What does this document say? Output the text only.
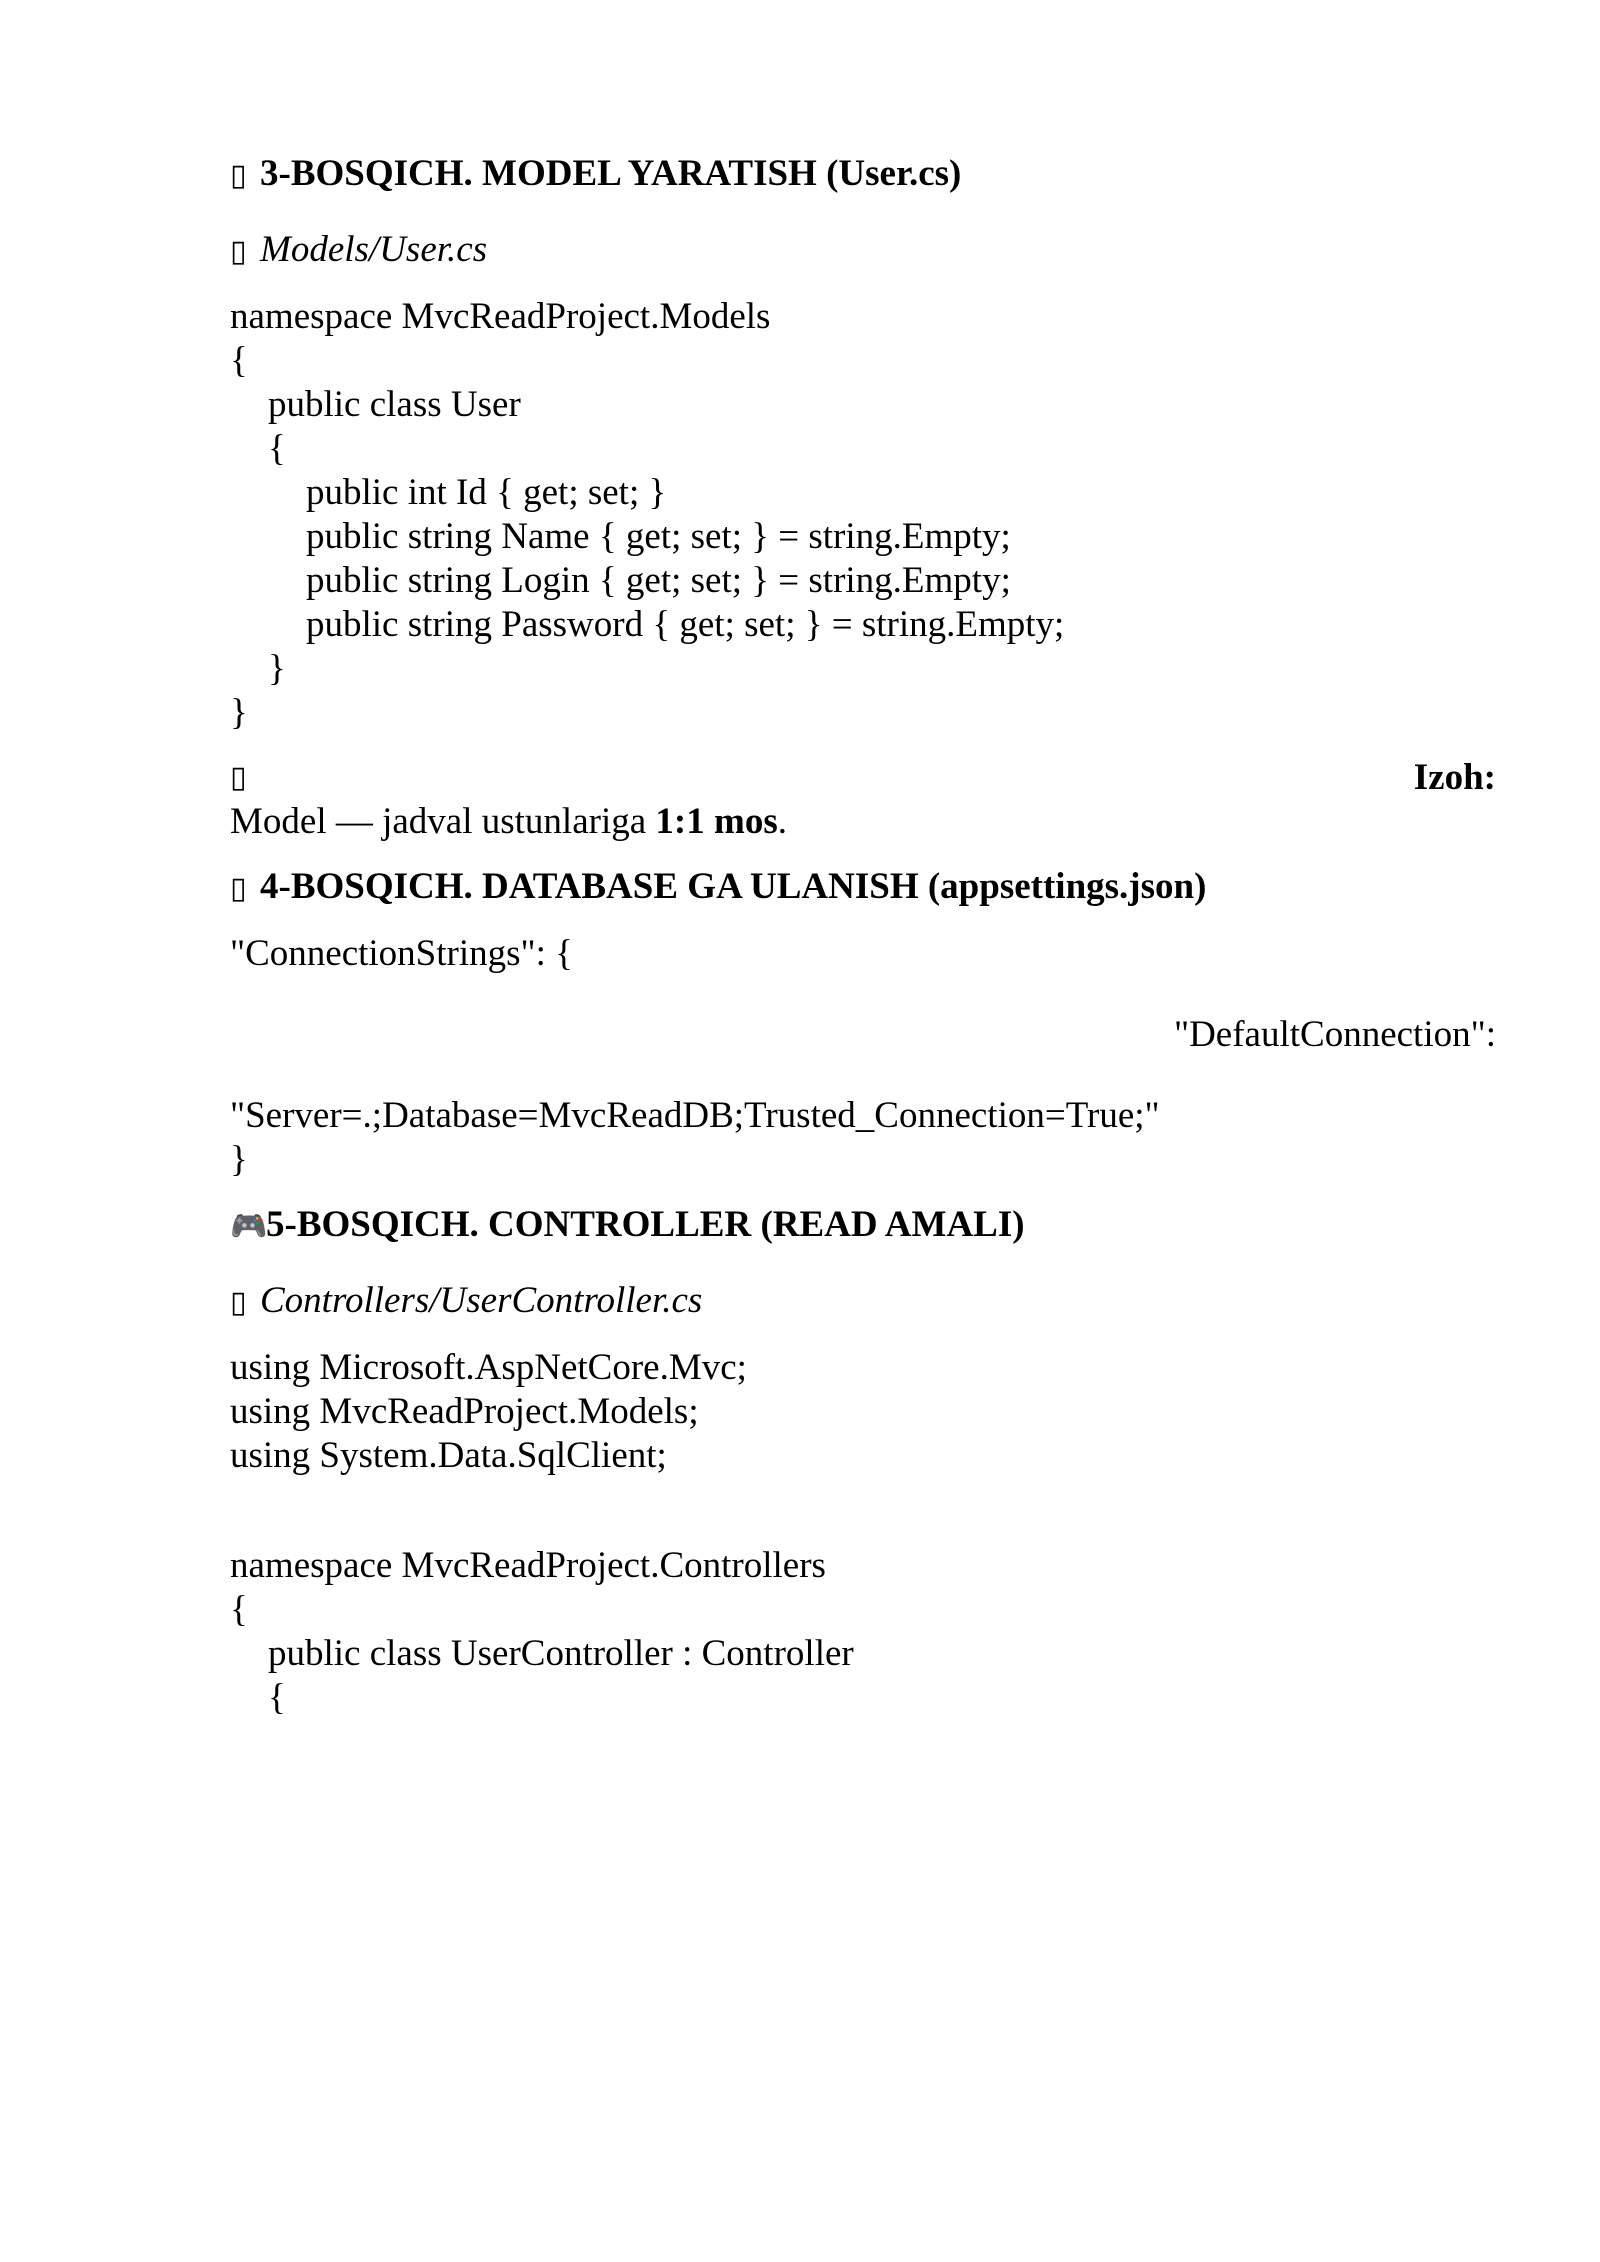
▯ 3-BOSQICH. MODEL YARATISH (User.cs)

▯ Models/User.cs

namespace MvcReadProject.Models

{

public class User

{

public int Id { get; set; }

public string Name { get; set; } = string.Empty;

public string Login { get; set; } = string.Empty;

public string Password { get; set; } = string.Empty;

}

}

▯	Izoh:

Model — jadval ustunlariga 1:1 mos.

▯ 4-BOSQICH. DATABASE GA ULANISH (appsettings.json)

"ConnectionStrings": {

"DefaultConnection":

"Server=.;Database=MvcReadDB;Trusted_Connection=True;"

}

🎮5-BOSQICH. CONTROLLER (READ AMALI)

▯ Controllers/UserController.cs

using Microsoft.AspNetCore.Mvc;

using MvcReadProject.Models;

using System.Data.SqlClient;

namespace MvcReadProject.Controllers

{

public class UserController : Controller

{
